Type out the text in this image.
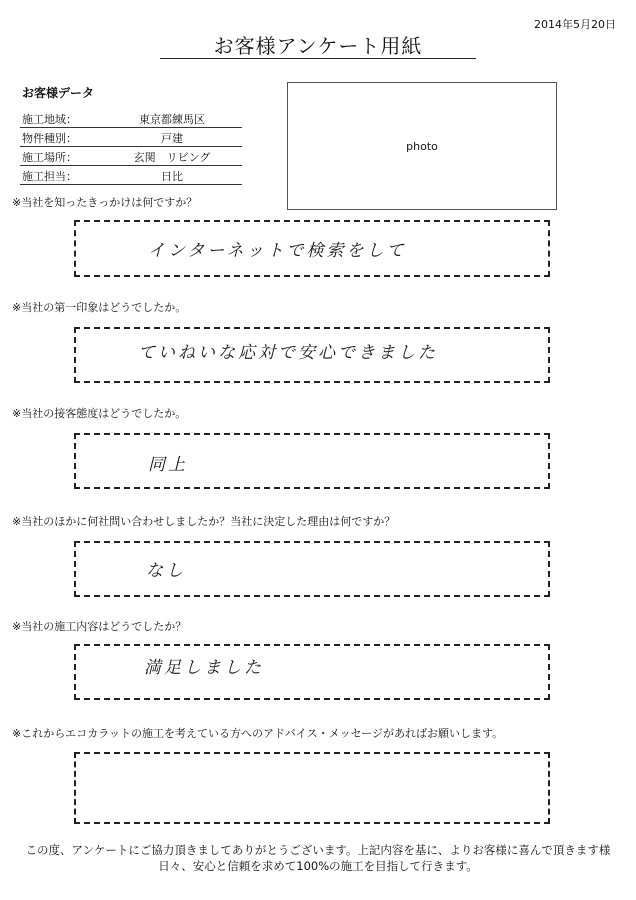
2014年5月20日
お客様アンケート用紙
お客様データ
施工地域：	東京都練馬区
物件種別：	戸建
施工場所：	玄関　リビング
施工担当：	日比
photo
※当社を知ったきっかけは何ですか？
インターネットで検索をして
※当社の第一印象はどうでしたか。
ていねいな応対で安心できました
※当社の接客態度はどうでしたか。
同上
※当社のほかに何社問い合わせしましたか？当社に決定した理由は何ですか？
なし
※当社の施工内容はどうでしたか？
満足しました
※これからエコカラットの施工を考えている方へのアドバイス・メッセージがあればお願いします。
この度、アンケートにご協力頂きましてありがとうございます。上記内容を基に、よりお客様に喜んで頂きます様
日々、安心と信頼を求めて100%の施工を目指して行きます。
